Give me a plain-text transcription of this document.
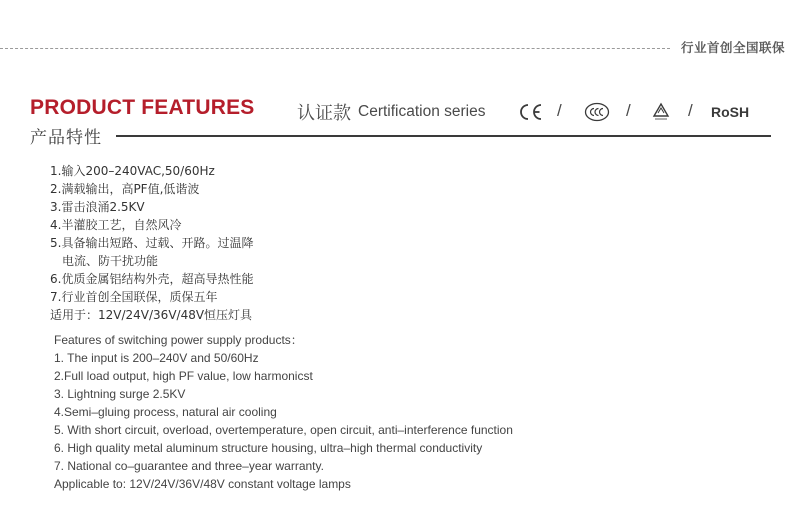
行业首创全国联保
PRODUCT FEATURES
产品特性
认证款 Certification series	/	/	/ RoSH
1.输入200–240VAC,50/60Hz
2.满载输出，高PF值,低谐波
3.雷击浪涌2.5KV
4.半灌胶工艺，自然风冷
5.具备输出短路、过载、开路。过温降
电流、防干扰功能
6.优质金属铝结构外壳，超高导热性能
7.行业首创全国联保，质保五年
适用于：12V/24V/36V/48V恒压灯具
Features of switching power supply products：
1. The input is 200–240V and 50/60Hz
2.Full load output, high PF value, low harmonicst
3. Lightning surge 2.5KV
4.Semi–gluing process, natural air cooling
5. With short circuit, overload, overtemperature, open circuit, anti–interference function
6. High quality metal aluminum structure housing, ultra–high thermal conductivity
7. National co–guarantee and three–year warranty.
Applicable to: 12V/24V/36V/48V constant voltage lamps
